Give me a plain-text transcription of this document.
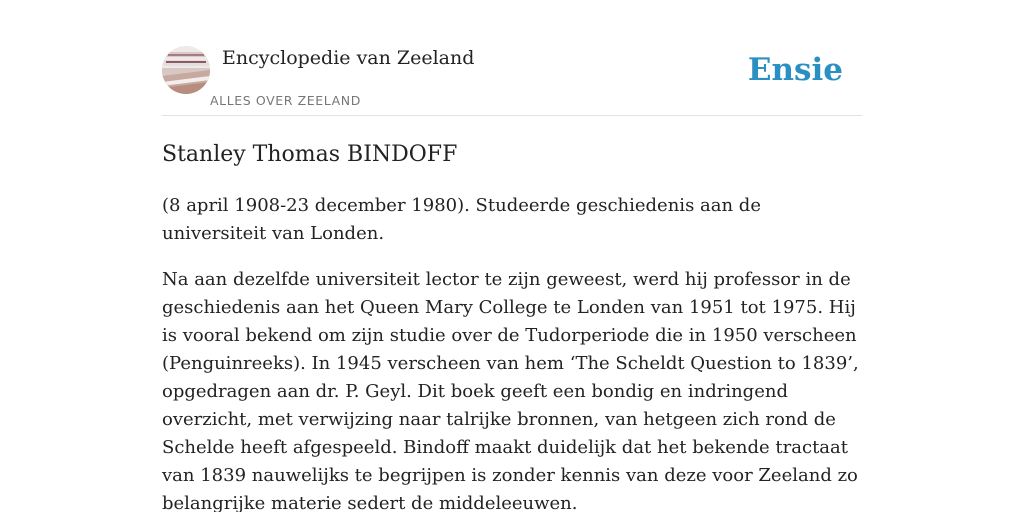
Encyclopedie van Zeeland
ALLES OVER ZEELAND
Ensie
Stanley Thomas BINDOFF

(8 april 1908-23 december 1980). Studeerde geschiedenis aan de universiteit van Londen.

Na aan dezelfde universiteit lector te zijn geweest, werd hij professor in de geschiedenis aan het Queen Mary College te Londen van 1951 tot 1975. Hij is vooral bekend om zijn studie over de Tudorperiode die in 1950 verscheen (Penguinreeks). In 1945 verscheen van hem ‘The Scheldt Question to 1839’, opgedragen aan dr. P. Geyl. Dit boek geeft een bondig en indringend overzicht, met verwijzing naar talrijke bronnen, van hetgeen zich rond de Schelde heeft afgespeeld. Bindoff maakt duidelijk dat het bekende tractaat van 1839 nauwelijks te begrijpen is zonder kennis van deze voor Zeeland zo belangrijke materie sedert de middeleeuwen.
